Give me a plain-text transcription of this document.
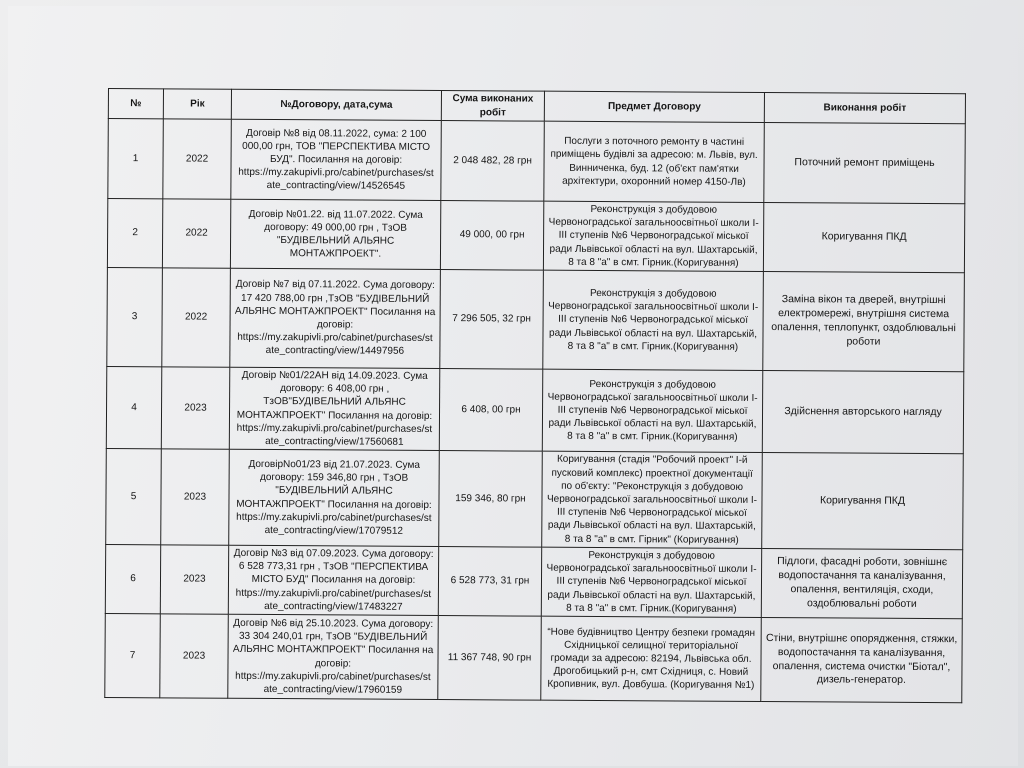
№	Рік	№Договору, дата,сума	Сума виконаних робіт	Предмет Договору	Виконання робіт
1	2022	Договір №8 від 08.11.2022, сума: 2 100 000,00 грн, ТОВ "ПЕРСПЕКТИВА МІСТО БУД". Посилання на договір: https://my.zakupivli.pro/cabinet/purchases/state_contracting/view/14526545	2 048 482, 28 грн	Послуги з поточного ремонту в частині приміщень будівлі за адресою: м. Львів, вул. Винниченка, буд. 12 (об'єкт пам'ятки архітектури, охоронний номер 4150-Лв)	Поточний ремонт приміщень
2	2022	Договір №01.22. від 11.07.2022. Сума договору: 49 000,00 грн , ТзОВ "БУДІВЕЛЬНИЙ АЛЬЯНС МОНТАЖПРОЕКТ".	49 000, 00 грн	Реконструкція з добудовою Червоноградської загальноосвітньої школи І-ІІІ ступенів №6 Червоноградської міської ради Львівської області на вул. Шахтарській, 8 та 8 "а" в смт. Гірник.(Коригування)	Коригування ПКД
3	2022	Договір №7 від 07.11.2022. Сума договору: 17 420 788,00 грн ,ТзОВ "БУДІВЕЛЬНИЙ АЛЬЯНС МОНТАЖПРОЕКТ" Посилання на договір: https://my.zakupivli.pro/cabinet/purchases/state_contracting/view/14497956	7 296 505, 32 грн	Реконструкція з добудовою Червоноградської загальноосвітньої школи І-ІІІ ступенів №6 Червоноградської міської ради Львівської області на вул. Шахтарській, 8 та 8 "а" в смт. Гірник.(Коригування)	Заміна вікон та дверей, внутрішні електромережі, внутрішня система опалення, теплопункт, оздоблювальні роботи
4	2023	Договір №01/22АН від 14.09.2023. Сума договору: 6 408,00 грн , ТзОВ"БУДІВЕЛЬНИЙ АЛЬЯНС МОНТАЖПРОЕКТ" Посилання на договір: https://my.zakupivli.pro/cabinet/purchases/state_contracting/view/17560681	6 408, 00 грн	Реконструкція з добудовою Червоноградської загальноосвітньої школи І-ІІІ ступенів №6 Червоноградської міської ради Львівської області на вул. Шахтарській, 8 та 8 "а" в смт. Гірник.(Коригування)	Здійснення авторського нагляду
5	2023	ДоговірNо01/23 від 21.07.2023. Сума договору: 159 346,80 грн , ТзОВ "БУДІВЕЛЬНИЙ АЛЬЯНС МОНТАЖПРОЕКТ" Посилання на договір: https://my.zakupivli.pro/cabinet/purchases/state_contracting/view/17079512	159 346, 80 грн	Коригування (стадія "Робочий проект" І-й пусковий комплекс) проектної документації по об'єкту: "Реконструкція з добудовою Червоноградської загальноосвітньої школи І-ІІІ ступенів №6 Червоноградської міської ради Львівської області на вул. Шахтарській, 8 та 8 "а" в смт. Гірник" (Коригування)	Коригування ПКД
6	2023	Договір №3 від 07.09.2023. Сума договору: 6 528 773,31 грн , ТзОВ "ПЕРСПЕКТИВА МІСТО БУД" Посилання на договір: https://my.zakupivli.pro/cabinet/purchases/state_contracting/view/17483227	6 528 773, 31 грн	Реконструкція з добудовою Червоноградської загальноосвітньої школи І-ІІІ ступенів №6 Червоноградської міської ради Львівської області на вул. Шахтарській, 8 та 8 "а" в смт. Гірник.(Коригування)	Підлоги, фасадні роботи, зовнішнє водопостачання та каналізування, опалення, вентиляція, сходи, оздоблювальні роботи
7	2023	Договір №6 від 25.10.2023. Сума договору: 33 304 240,01 грн, ТзОВ "БУДІВЕЛЬНИЙ АЛЬЯНС МОНТАЖПРОЕКТ" Посилання на договір: https://my.zakupivli.pro/cabinet/purchases/state_contracting/view/17960159	11 367 748, 90 грн	“Нове будівництво Центру безпеки громадян Східницької селищної територіальної громади за адресою: 82194, Львівська обл. Дрогобицький р-н, смт Східниця, с. Новий Кропивник, вул. Довбуша. (Коригування №1)	Стіни, внутрішнє опорядження, стяжки, водопостачання та каналізування, опалення, система очистки "Біотал", дизель-генератор.
